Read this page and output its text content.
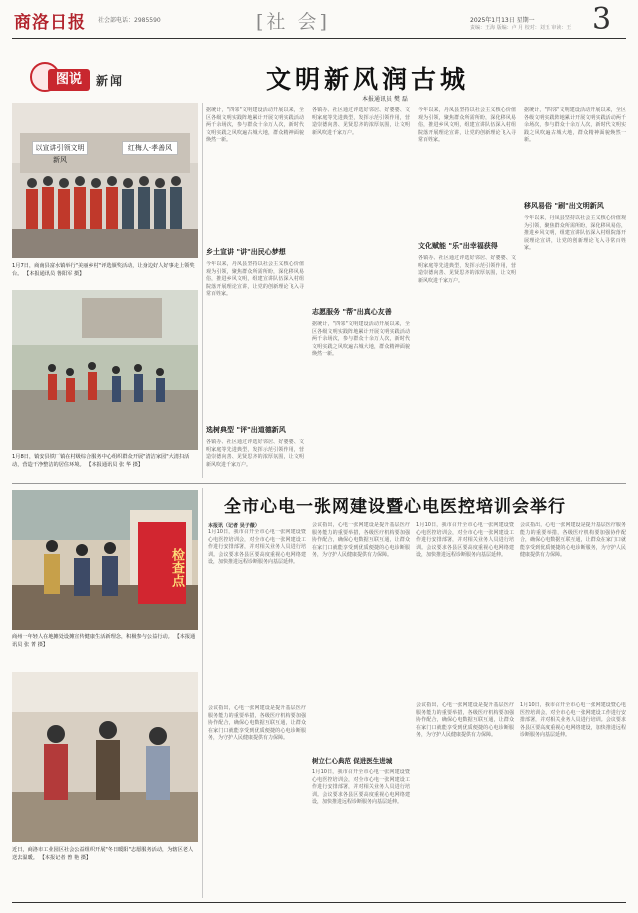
商洛日报 社会部电话：2985590	[社 会]	2025年1月13日 星期一
责编：王海 版编：卢 月 校对：刘玉 审读：王 3
图说	新闻
以宣讲引领文明新风
红梅人·孝善风
1月7日，商南县富水镇举行"美丽乡村"评选颁奖活动，让身边好人好事走上领奖台。 【本报通讯员 鲁阳军 摄】
1月8日，镇安县铁厂镇在村级综合服务中心组织群众开展"清洁家园"大清扫活动，营造干净整洁的居住环境。 【本报通讯员 张 华 摄】
文明新风润古城
本报通讯员 樊 磊
据统计，"四邻"文明建设活动开展以来，全区各级文明实践阵地累计开展文明实践活动两千余场次，参与群众十余万人次，新时代文明实践之风吹遍古城大地，群众精神面貌焕然一新。
乡土宣讲 "讲"出民心梦想
今年以来，丹凤县坚持以社会主义核心价值观为引领，聚焦群众所需所盼，深化移风易俗，推进乡风文明，组建宣讲队伍深入村组院落开展理论宣讲，让党的创新理论飞入寻常百姓家。
选树典型 "评"出道德新风
各镇办、社区通过评选好邻居、好婆婆、文明家庭等先进典型，发挥示范引领作用，营造崇德向善、见贤思齐的浓厚氛围，让文明新风吹进千家万户。
各镇办、社区通过评选好邻居、好婆婆、文明家庭等先进典型，发挥示范引领作用，营造崇德向善、见贤思齐的浓厚氛围，让文明新风吹进千家万户。
志愿服务 "帮"出真心友善
据统计，"四邻"文明建设活动开展以来，全区各级文明实践阵地累计开展文明实践活动两千余场次，参与群众十余万人次，新时代文明实践之风吹遍古城大地，群众精神面貌焕然一新。
今年以来，丹凤县坚持以社会主义核心价值观为引领，聚焦群众所需所盼，深化移风易俗，推进乡风文明，组建宣讲队伍深入村组院落开展理论宣讲，让党的创新理论飞入寻常百姓家。
文化赋能 "乐"出幸福获得
各镇办、社区通过评选好邻居、好婆婆、文明家庭等先进典型，发挥示范引领作用，营造崇德向善、见贤思齐的浓厚氛围，让文明新风吹进千家万户。
据统计，"四邻"文明建设活动开展以来，全区各级文明实践阵地累计开展文明实践活动两千余场次，参与群众十余万人次，新时代文明实践之风吹遍古城大地，群众精神面貌焕然一新。
移风易俗 "刷"出文明新风
今年以来，丹凤县坚持以社会主义核心价值观为引领，聚焦群众所需所盼，深化移风易俗，推进乡风文明，组建宣讲队伍深入村组院落开展理论宣讲，让党的创新理论飞入寻常百姓家。
检查点
商州一年轻人在地摊处设摊宣传健康生活新理念，积极参与公益行动。 【本报通讯员 张 菁 摄】
近日，商洛市工业园区社会公益组织开展"冬日暖阳"志愿服务活动，为辖区老人送去温暖。 【本报记者 曾 艳 摄】
全市心电一张网建设暨心电医控培训会举行
本报讯（记者 吴子薇）
1月10日，我市召开全市心电一张网建设暨心电医控培训会，对全市心电一张网建设工作进行安排部署，并对相关业务人员进行培训。会议要求各县区要高度重视心电网络建设，加快推进远程诊断服务向基层延伸。
会议指出，心电一张网建设是提升基层医疗服务能力的重要举措，各级医疗机构要加强协作配合，确保心电数据互联互通，让群众在家门口就能享受到优质便捷的心电诊断服务，为守护人民健康提供有力保障。
会议指出，心电一张网建设是提升基层医疗服务能力的重要举措，各级医疗机构要加强协作配合，确保心电数据互联互通，让群众在家门口就能享受到优质便捷的心电诊断服务，为守护人民健康提供有力保障。
树立仁心典范 促进医生进城
1月10日，我市召开全市心电一张网建设暨心电医控培训会，对全市心电一张网建设工作进行安排部署，并对相关业务人员进行培训。会议要求各县区要高度重视心电网络建设，加快推进远程诊断服务向基层延伸。
1月10日，我市召开全市心电一张网建设暨心电医控培训会，对全市心电一张网建设工作进行安排部署，并对相关业务人员进行培训。会议要求各县区要高度重视心电网络建设，加快推进远程诊断服务向基层延伸。
会议指出，心电一张网建设是提升基层医疗服务能力的重要举措，各级医疗机构要加强协作配合，确保心电数据互联互通，让群众在家门口就能享受到优质便捷的心电诊断服务，为守护人民健康提供有力保障。
会议指出，心电一张网建设是提升基层医疗服务能力的重要举措，各级医疗机构要加强协作配合，确保心电数据互联互通，让群众在家门口就能享受到优质便捷的心电诊断服务，为守护人民健康提供有力保障。
1月10日，我市召开全市心电一张网建设暨心电医控培训会，对全市心电一张网建设工作进行安排部署，并对相关业务人员进行培训。会议要求各县区要高度重视心电网络建设，加快推进远程诊断服务向基层延伸。
